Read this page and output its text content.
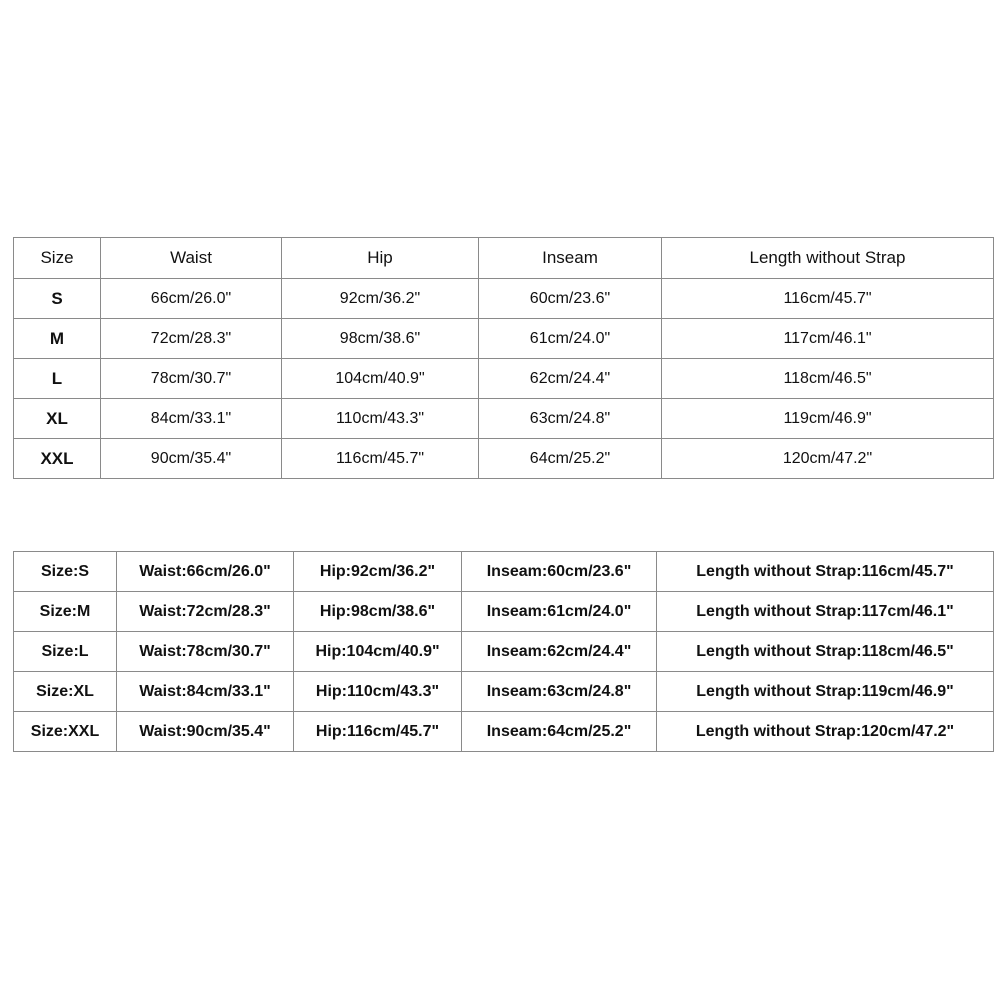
Size	Waist	Hip	Inseam	Length without Strap
S	66cm/26.0"	92cm/36.2"	60cm/23.6"	116cm/45.7"
M	72cm/28.3"	98cm/38.6"	61cm/24.0"	117cm/46.1"
L	78cm/30.7"	104cm/40.9"	62cm/24.4"	118cm/46.5"
XL	84cm/33.1"	110cm/43.3"	63cm/24.8"	119cm/46.9"
XXL	90cm/35.4"	116cm/45.7"	64cm/25.2"	120cm/47.2"
Size:S	Waist:66cm/26.0"	Hip:92cm/36.2"	Inseam:60cm/23.6"	Length without Strap:116cm/45.7"
Size:M	Waist:72cm/28.3"	Hip:98cm/38.6"	Inseam:61cm/24.0"	Length without Strap:117cm/46.1"
Size:L	Waist:78cm/30.7"	Hip:104cm/40.9"	Inseam:62cm/24.4"	Length without Strap:118cm/46.5"
Size:XL	Waist:84cm/33.1"	Hip:110cm/43.3"	Inseam:63cm/24.8"	Length without Strap:119cm/46.9"
Size:XXL	Waist:90cm/35.4"	Hip:116cm/45.7"	Inseam:64cm/25.2"	Length without Strap:120cm/47.2"
